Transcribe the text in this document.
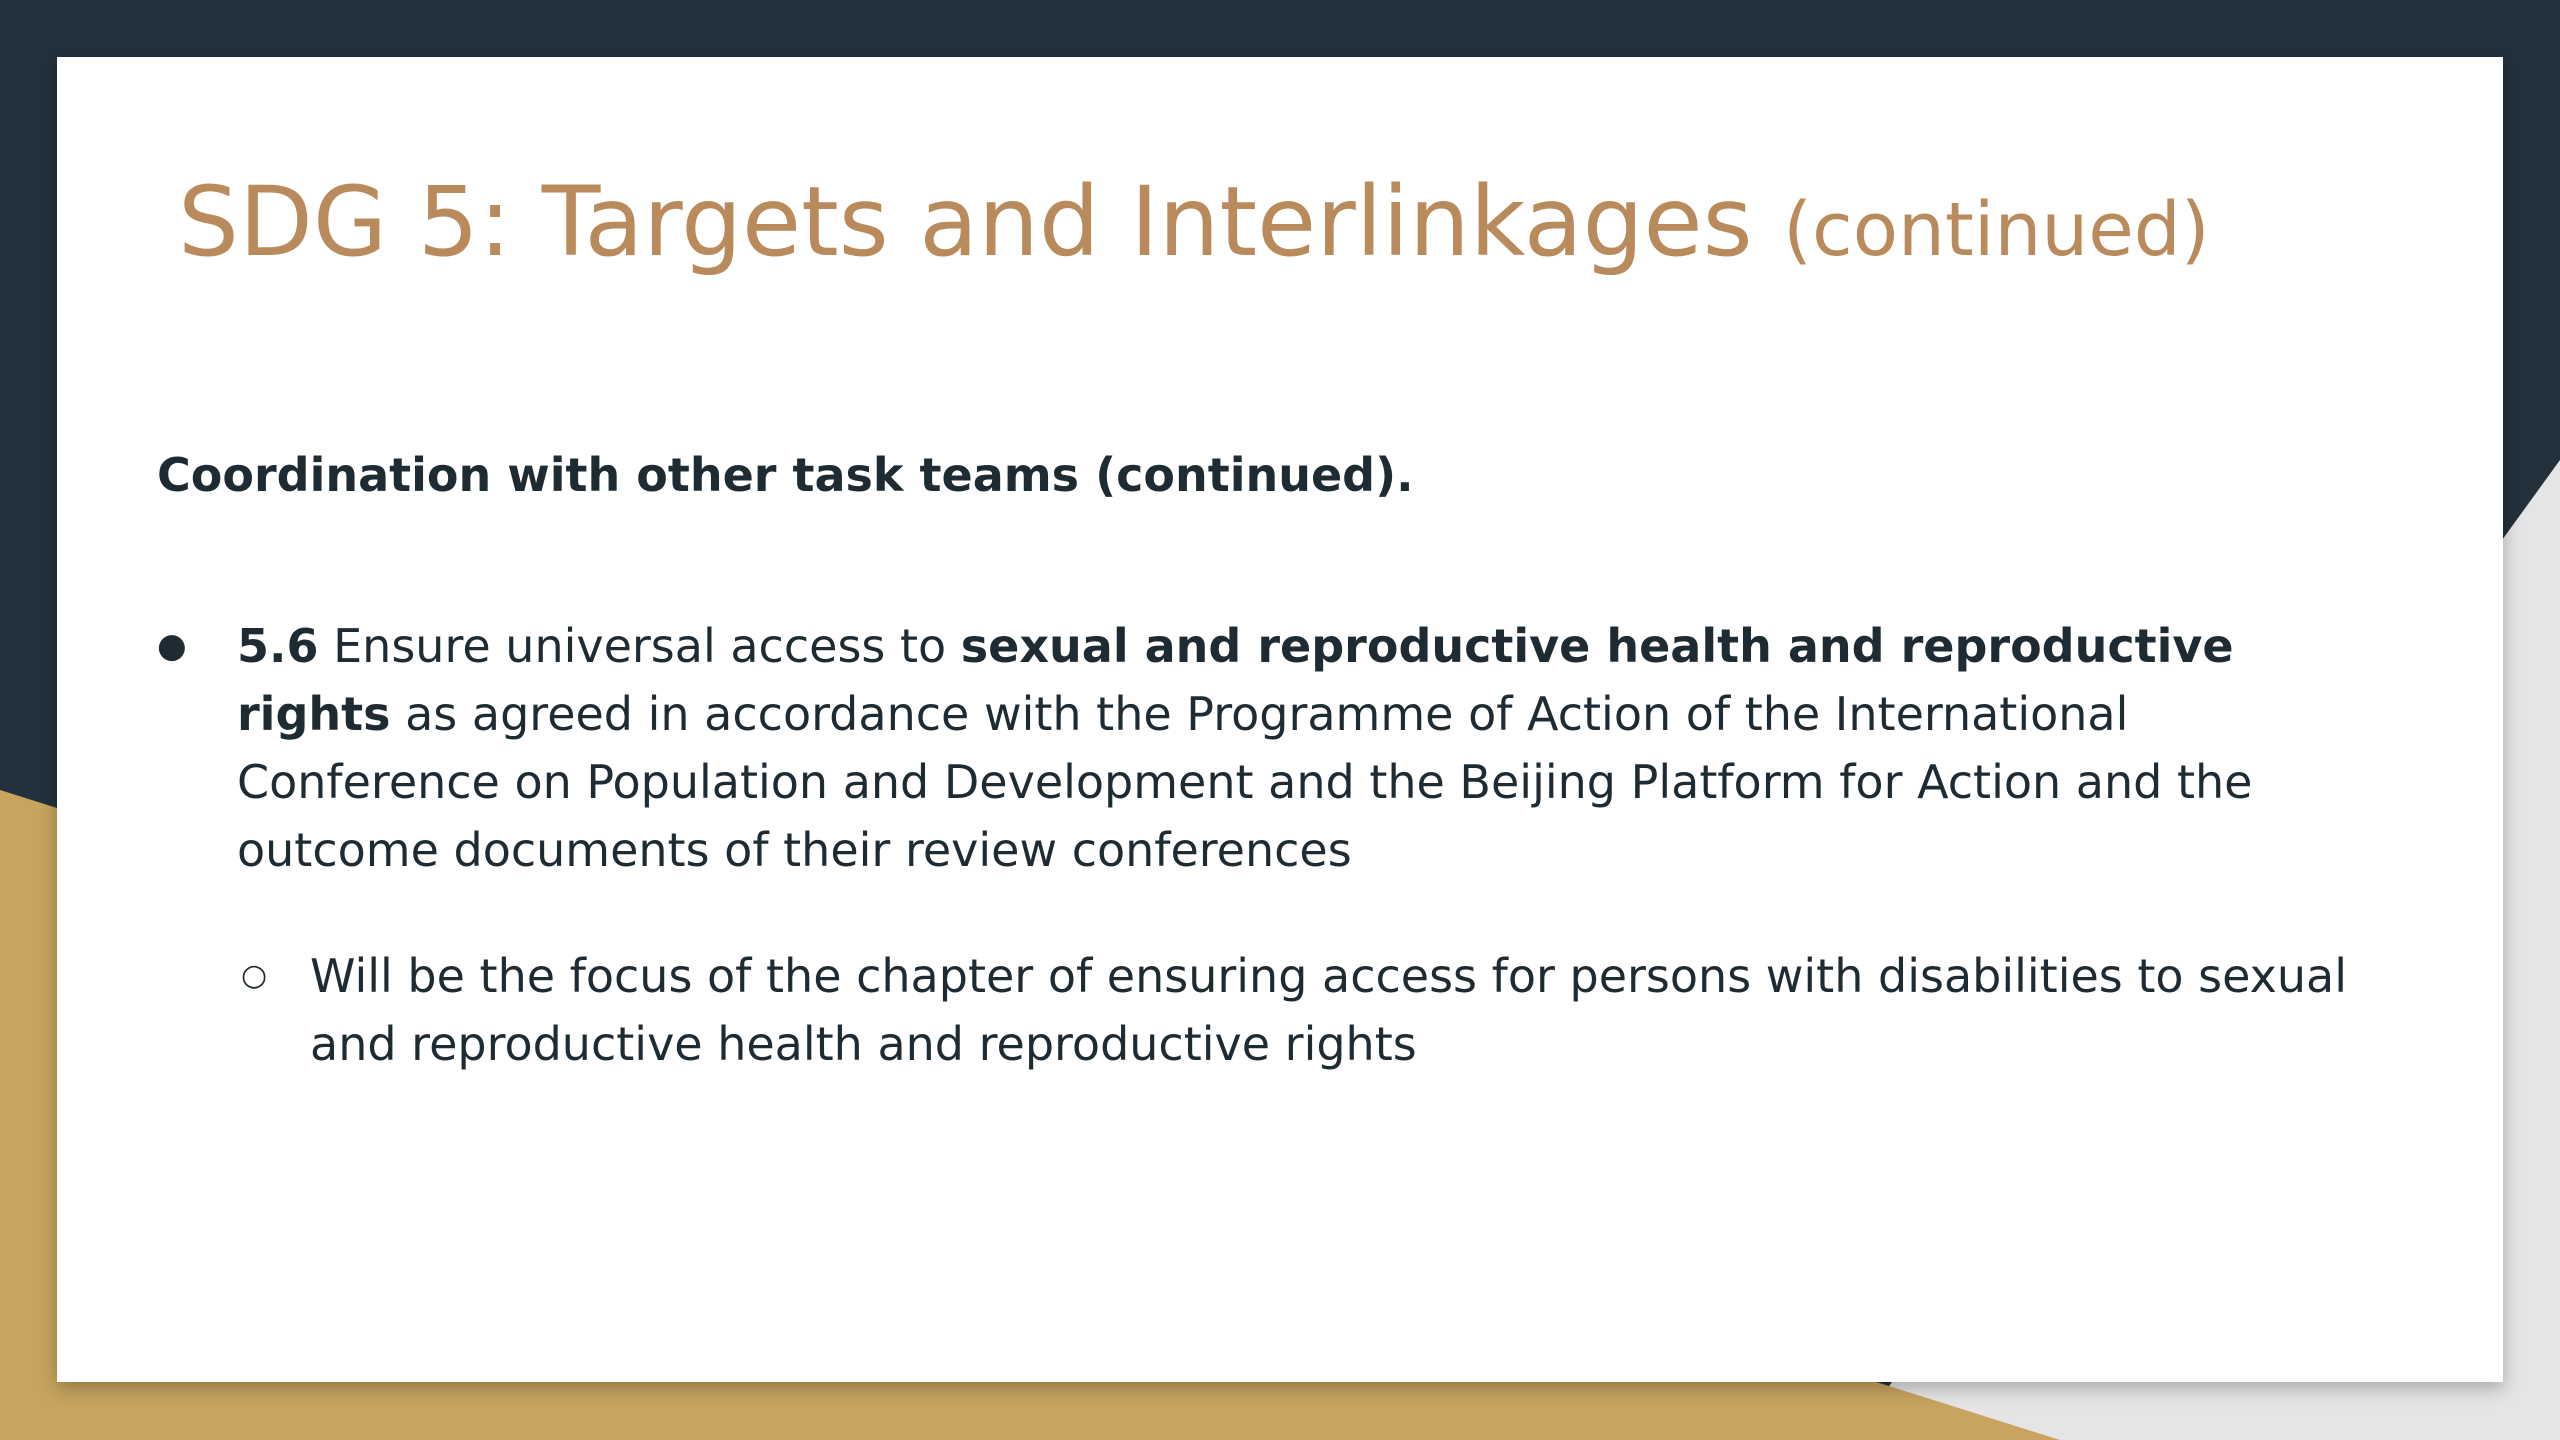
SDG 5: Targets and Interlinkages (continued)
Coordination with other task teams (continued).
●	5.6 Ensure universal access to sexual and reproductive health and reproductive rights as agreed in accordance with the Programme of Action of the International Conference on Population and Development and the Beijing Platform for Action and the outcome documents of their review conferences
○ Will be the focus of the chapter of ensuring access for persons with disabilities to sexual and reproductive health and reproductive rights
